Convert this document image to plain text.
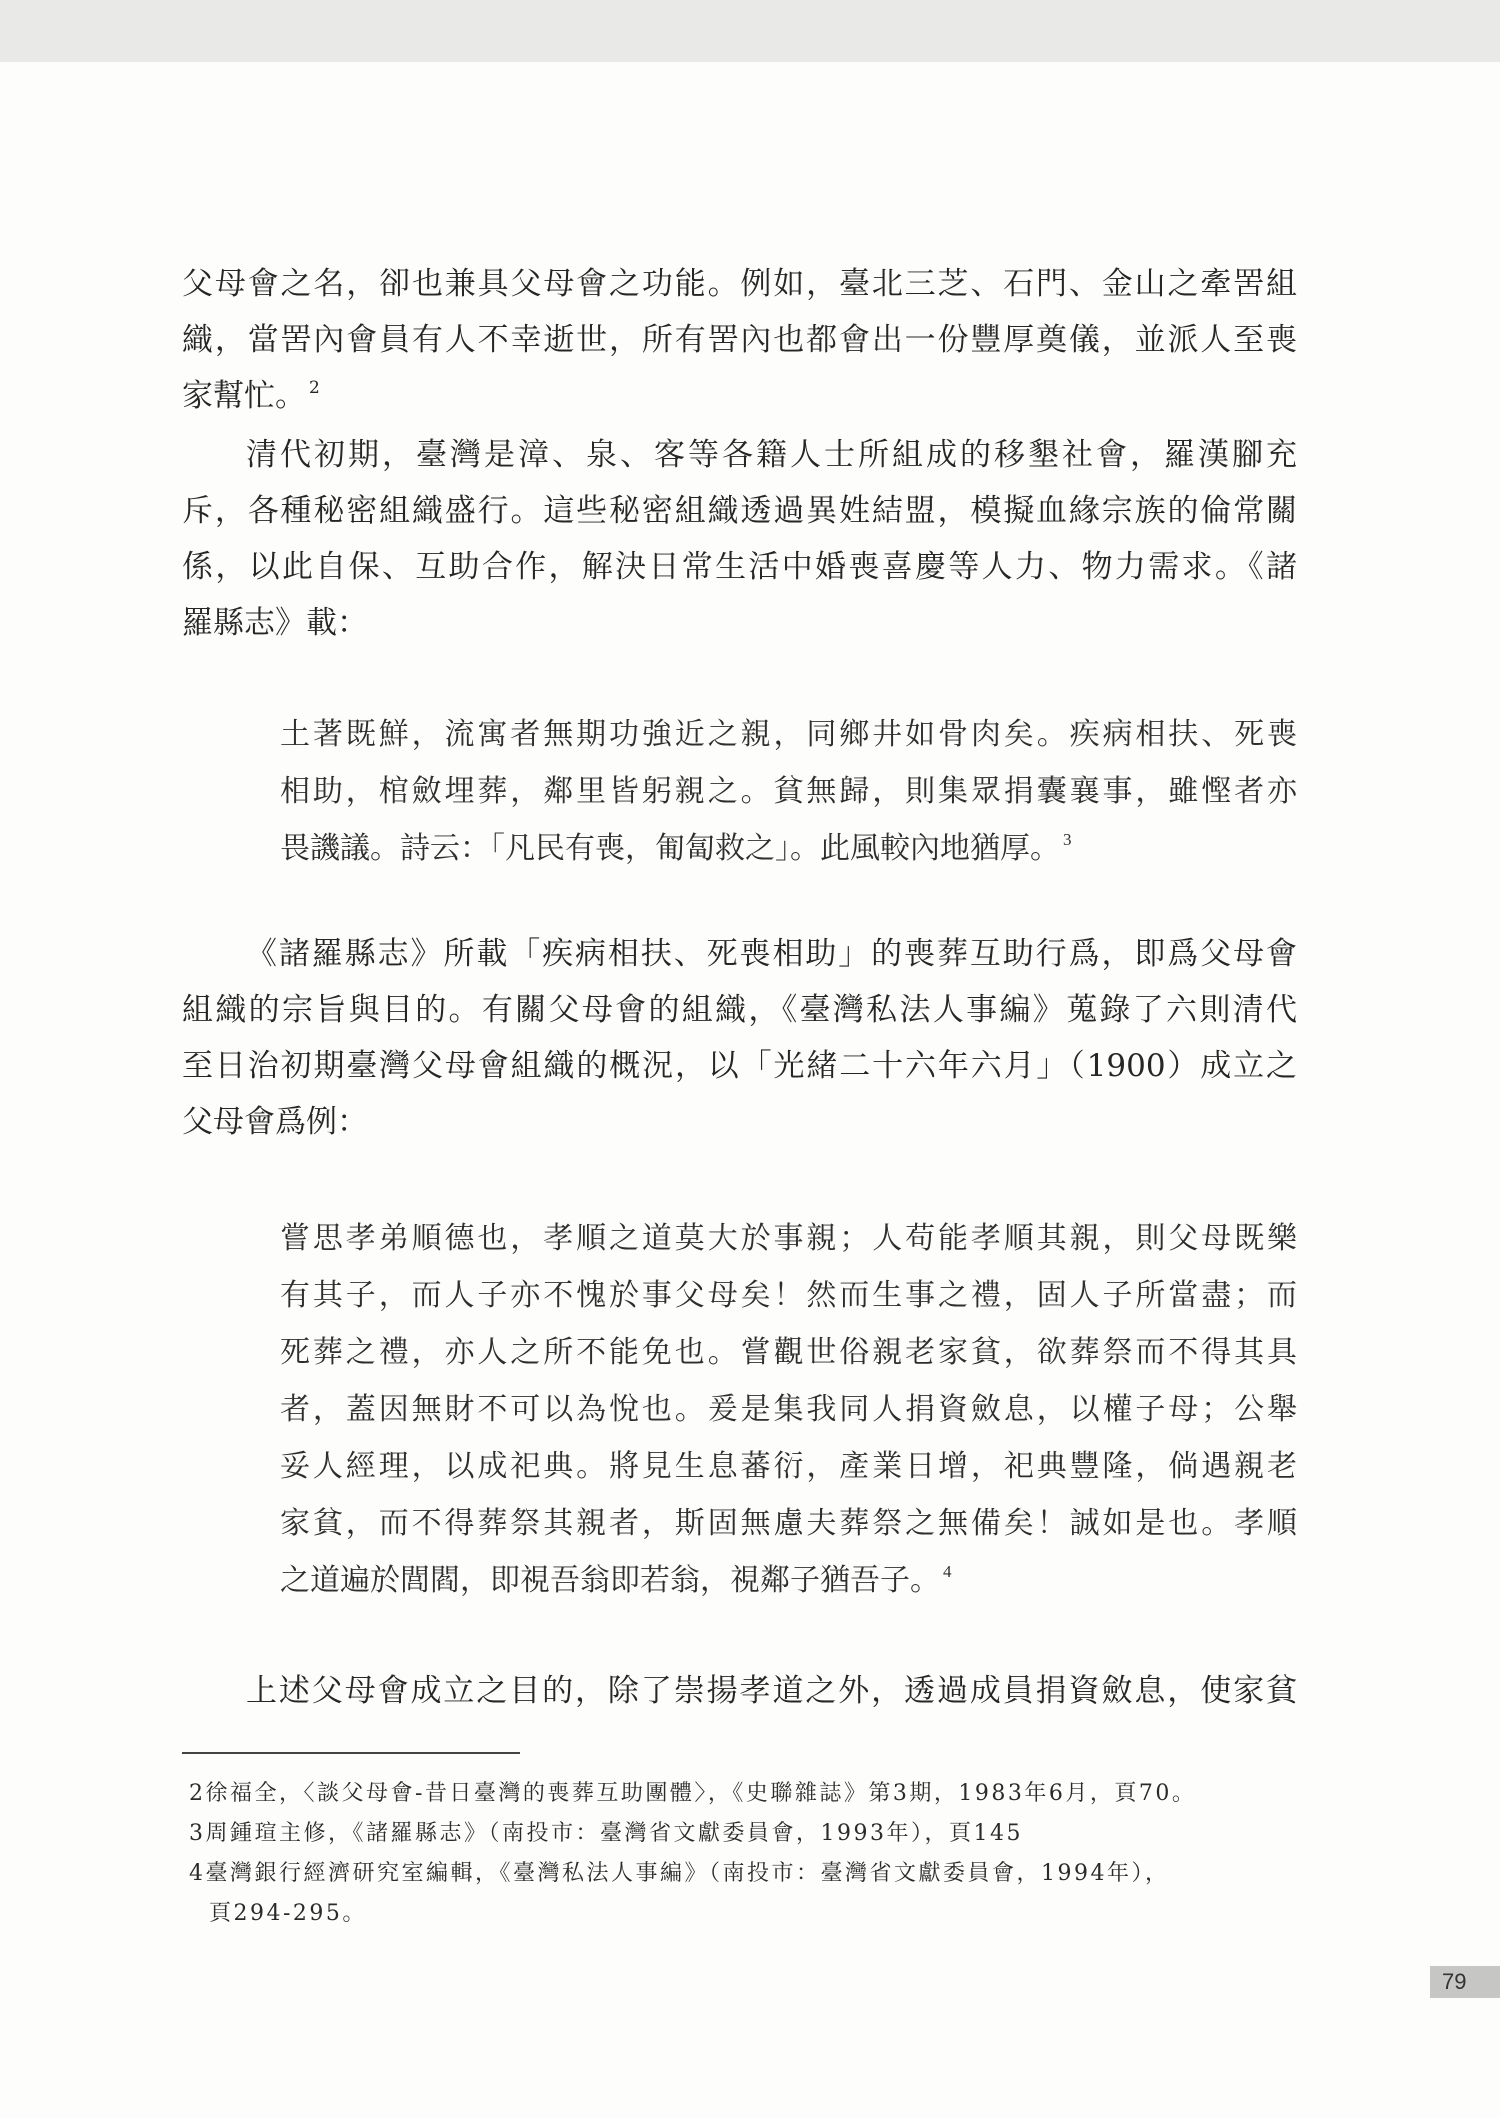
父母會之名，卻也兼具父母會之功能。例如，臺北三芝、石門、金山之牽罟組
織，當罟內會員有人不幸逝世，所有罟內也都會出一份豐厚奠儀，並派人至喪
家幫忙。 $^2$
清代初期，臺灣是漳、泉、客等各籍人士所組成的移墾社會，羅漢腳充
斥，各種秘密組織盛行。這些秘密組織透過異姓結盟，模擬血緣宗族的倫常關
係，以此自保、互助合作，解決日常生活中婚喪喜慶等人力、物力需求。《諸
羅縣志》載：
土著既鮮，流寓者無期功強近之親，同鄉井如骨肉矣。疾病相扶、死喪
相助，棺斂埋葬，鄰里皆躬親之。貧無歸，則集眾捐囊襄事，雖慳者亦
畏譏議。詩云：「凡民有喪，匍匐救之」。此風較內地猶厚。 $^3$
《諸羅縣志》所載「疾病相扶、死喪相助」的喪葬互助行爲，即爲父母會
組織的宗旨與目的。有關父母會的組織，《臺灣私法人事編》蒐錄了六則清代
至日治初期臺灣父母會組織的概況，以「光緒二十六年六月」（1900）成立之
父母會爲例：
嘗思孝弟順德也，孝順之道莫大於事親；人苟能孝順其親，則父母既樂
有其子，而人子亦不愧於事父母矣！然而生事之禮，固人子所當盡；而
死葬之禮，亦人之所不能免也。嘗觀世俗親老家貧，欲葬祭而不得其具
者，蓋因無財不可以為悅也。爰是集我同人捐資斂息，以權子母；公舉
妥人經理，以成祀典。將見生息蕃衍，產業日增，祀典豐隆，倘遇親老
家貧，而不得葬祭其親者，斯固無慮夫葬祭之無備矣！誠如是也。孝順
之道遍於閭閻，即視吾翁即若翁，視鄰子猶吾子。 $^4$
上述父母會成立之目的，除了崇揚孝道之外，透過成員捐資斂息，使家貧
2徐福全，〈談父母會-昔日臺灣的喪葬互助團體〉，《史聯雜誌》第3期，1983年6月，頁70。
3周鍾瑄主修，《諸羅縣志》（南投市：臺灣省文獻委員會，1993年），頁145
4臺灣銀行經濟研究室編輯，《臺灣私法人事編》（南投市：臺灣省文獻委員會，1994年），
頁294-295。
79
